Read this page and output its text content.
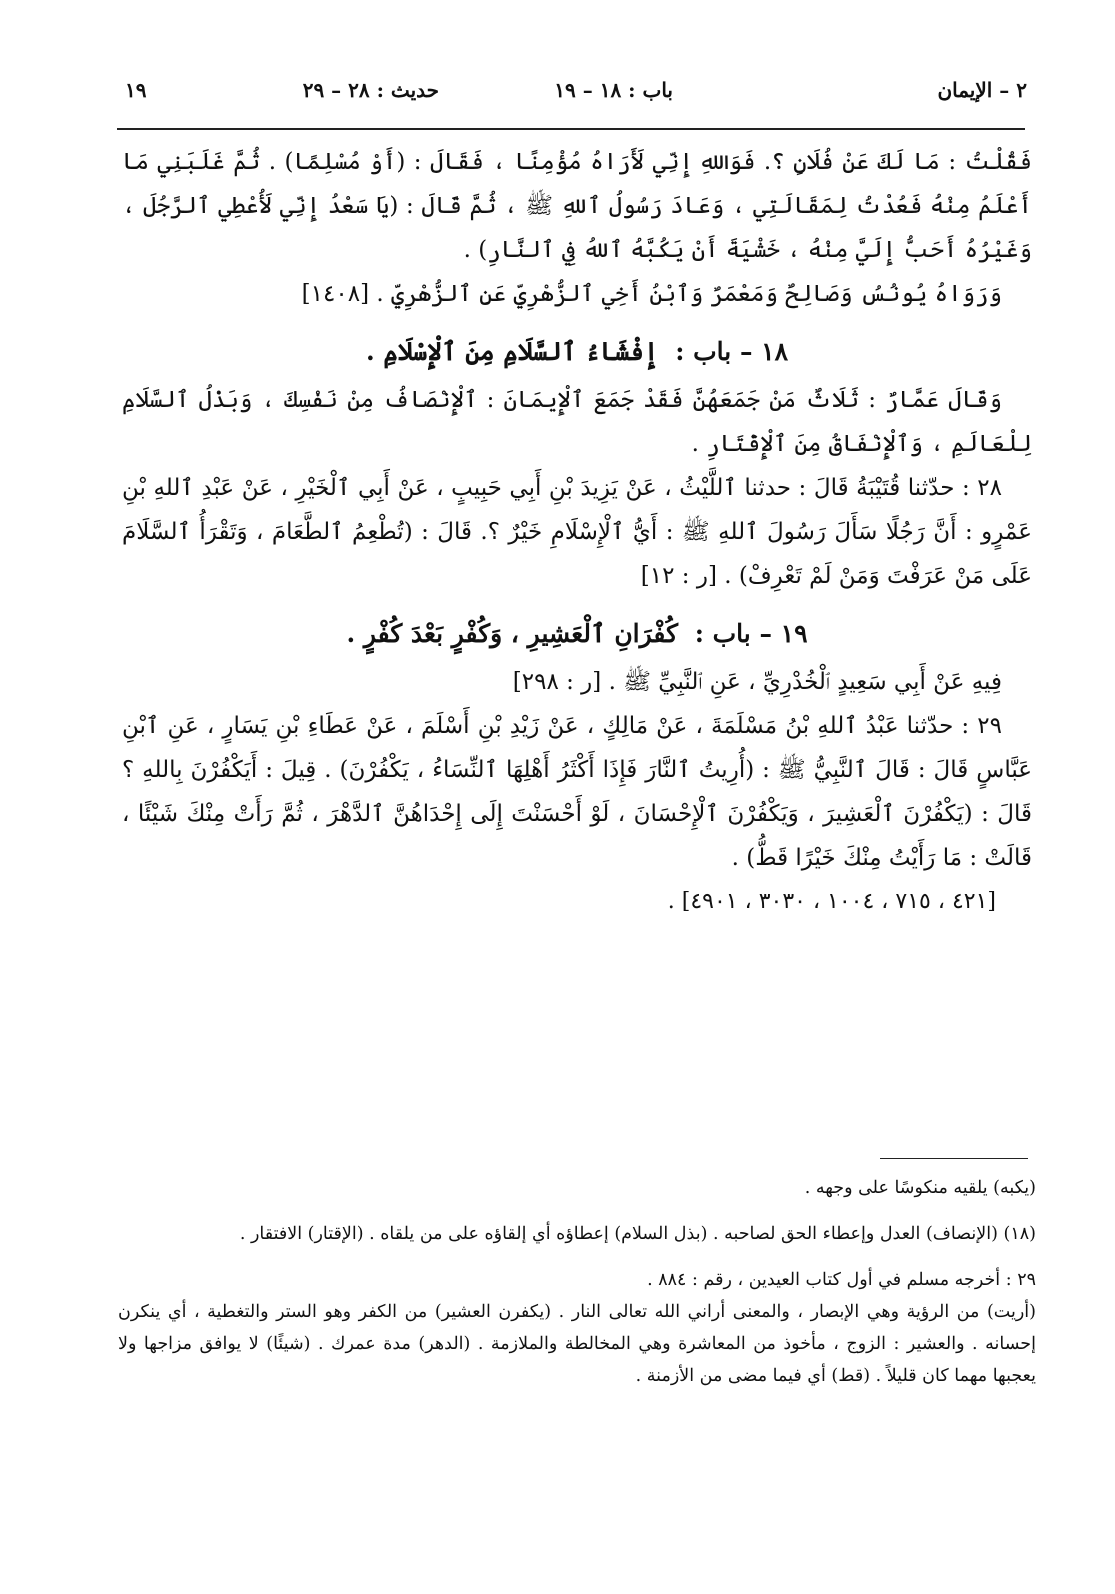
٢ – الإيمان
باب : ١٨ – ١٩
حديث : ٢٨ – ٢٩
١٩

فَقُلْتُ : مَا لَكَ عَنْ فُلَانٍ ؟. فَوَاللهِ إِنِّي لَأَرَاهُ مُؤْمِنًا ، فَقَالَ : (أَوْ مُسْلِمًا) . ثُمَّ غَلَبَنِي مَا أَعْلَمُ مِنْهُ فَعُدْتُ لِمَقَالَتِي ، وَعَادَ رَسُولُ ٱللهِ ﷺ ، ثُمَّ قَالَ : (يَا سَعْدُ إِنِّي لَأُعْطِي ٱلرَّجُلَ ، وَغَيْرُهُ أَحَبُّ إِلَيَّ مِنْهُ ، خَشْيَةَ أَنْ يَكُبَّهُ ٱللهُ فِي ٱلنَّارِ) .

وَرَوَاهُ يُونُسُ وَصَالِحٌ وَمَعْمَرٌ وَٱبْنُ أَخِي ٱلزُّهْرِيِّ عَنِ ٱلزُّهْرِيِّ . [١٤٠٨]

١٨ – باب : إِفْشَاءُ ٱلسَّلَامِ مِنَ ٱلْإِسْلَامِ .

وَقَالَ عَمَّارٌ : ثَلَاثٌ مَنْ جَمَعَهُنَّ فَقَدْ جَمَعَ ٱلْإِيمَانَ : ٱلْإِنْصَافُ مِنْ نَفْسِكَ ، وَبَذْلُ ٱلسَّلَامِ لِلْعَالَمِ ، وَٱلْإِنْفَاقُ مِنَ ٱلْإِقْتَارِ .

٢٨ : حدّثنا قُتَيْبَةُ قَالَ : حدثنا ٱللَّيْثُ ، عَنْ يَزِيدَ بْنِ أَبِي حَبِيبٍ ، عَنْ أَبِي ٱلْخَيْرِ ، عَنْ عَبْدِ ٱللهِ بْنِ عَمْرٍو : أَنَّ رَجُلًا سَأَلَ رَسُولَ ٱللهِ ﷺ : أَيُّ ٱلْإِسْلَامِ خَيْرٌ ؟. قَالَ : (تُطْعِمُ ٱلطَّعَامَ ، وَتَقْرَأُ ٱلسَّلَامَ عَلَى مَنْ عَرَفْتَ وَمَنْ لَمْ تَعْرِفْ) . [ر : ١٢]

١٩ – باب : كُفْرَانِ ٱلْعَشِيرِ ، وَكُفْرٍ بَعْدَ كُفْرٍ .

فِيهِ عَنْ أَبِي سَعِيدٍ ٱلْخُدْرِيِّ ، عَنِ ٱلنَّبِيِّ ﷺ . [ر : ٢٩٨]

٢٩ : حدّثنا عَبْدُ ٱللهِ بْنُ مَسْلَمَةَ ، عَنْ مَالِكٍ ، عَنْ زَيْدِ بْنِ أَسْلَمَ ، عَنْ عَطَاءِ بْنِ يَسَارٍ ، عَنِ ٱبْنِ عَبَّاسٍ قَالَ : قَالَ ٱلنَّبِيُّ ﷺ : (أُرِيتُ ٱلنَّارَ فَإِذَا أَكْثَرُ أَهْلِهَا ٱلنِّسَاءُ ، يَكْفُرْنَ) . قِيلَ : أَيَكْفُرْنَ بِاللهِ ؟ قَالَ : (يَكْفُرْنَ ٱلْعَشِيرَ ، وَيَكْفُرْنَ ٱلْإِحْسَانَ ، لَوْ أَحْسَنْتَ إِلَى إِحْدَاهُنَّ ٱلدَّهْرَ ، ثُمَّ رَأَتْ مِنْكَ شَيْئًا ، قَالَتْ : مَا رَأَيْتُ مِنْكَ خَيْرًا قَطُّ) .

[٤٢١ ، ٧١٥ ، ١٠٠٤ ، ٣٠٣٠ ، ٤٩٠١] .

(يكبه) يلقيه منكوسًا على وجهه .

(١٨) (الإنصاف) العدل وإعطاء الحق لصاحبه . (بذل السلام) إعطاؤه أي إلقاؤه على من يلقاه . (الإقتار) الافتقار .

٢٩ : أخرجه مسلم في أول كتاب العيدين ، رقم : ٨٨٤ .

(أريت) من الرؤية وهي الإبصار ، والمعنى أراني الله تعالى النار . (يكفرن العشير) من الكفر وهو الستر والتغطية ، أي ينكرن إحسانه . والعشير : الزوج ، مأخوذ من المعاشرة وهي المخالطة والملازمة . (الدهر) مدة عمرك . (شيئًا) لا يوافق مزاجها ولا يعجبها مهما كان قليلاً . (قط) أي فيما مضى من الأزمنة .
